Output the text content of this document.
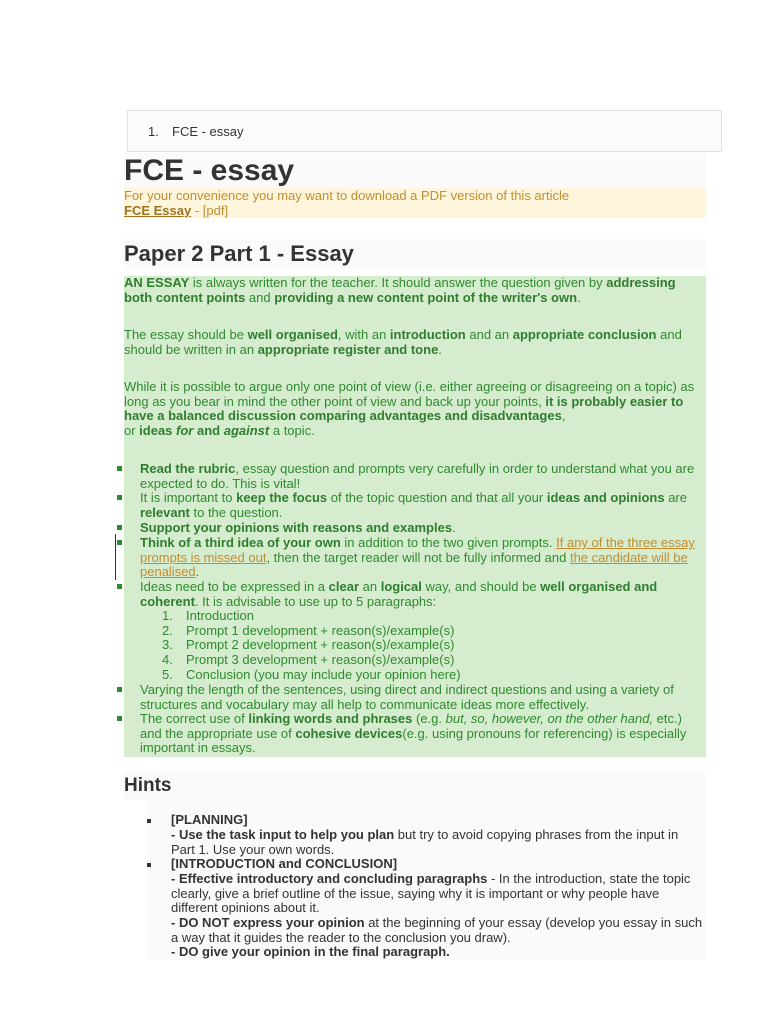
1. FCE - essay
FCE - essay
For your convenience you may want to download a PDF version of this article
FCE Essay - [pdf]
Paper 2 Part 1 - Essay

AN ESSAY is always written for the teacher. It should answer the question given by addressing both content points and providing a new content point of the writer's own.

The essay should be well organised, with an introduction and an appropriate conclusion and should be written in an appropriate register and tone.

While it is possible to argue only one point of view (i.e. either agreeing or disagreeing on a topic) as long as you bear in mind the other point of view and back up your points, it is probably easier to have a balanced discussion comparing advantages and disadvantages,
or ideas for and against a topic.

Read the rubric, essay question and prompts very carefully in order to understand what you are expected to do. This is vital!
It is important to keep the focus of the topic question and that all your ideas and opinions are relevant to the question.
Support your opinions with reasons and examples.
Think of a third idea of your own in addition to the two given prompts. If any of the three essay prompts is missed out, then the target reader will not be fully informed and the candidate will be penalised.
Ideas need to be expressed in a clear an logical way, and should be well organised and coherent. It is advisable to use up to 5 paragraphs:
1. Introduction
2. Prompt 1 development + reason(s)/example(s)
3. Prompt 2 development + reason(s)/example(s)
4. Prompt 3 development + reason(s)/example(s)
5. Conclusion (you may include your opinion here)
Varying the length of the sentences, using direct and indirect questions and using a variety of structures and vocabulary may all help to communicate ideas more effectively.
The correct use of linking words and phrases (e.g. but, so, however, on the other hand, etc.) and the appropriate use of cohesive devices(e.g. using pronouns for referencing) is especially important in essays.
Hints
[PLANNING]
- Use the task input to help you plan but try to avoid copying phrases from the input in Part 1. Use your own words.
[INTRODUCTION and CONCLUSION]
- Effective introductory and concluding paragraphs - In the introduction, state the topic clearly, give a brief outline of the issue, saying why it is important or why people have different opinions about it.
- DO NOT express your opinion at the beginning of your essay (develop you essay in such a way that it guides the reader to the conclusion you draw).
- DO give your opinion in the final paragraph.
